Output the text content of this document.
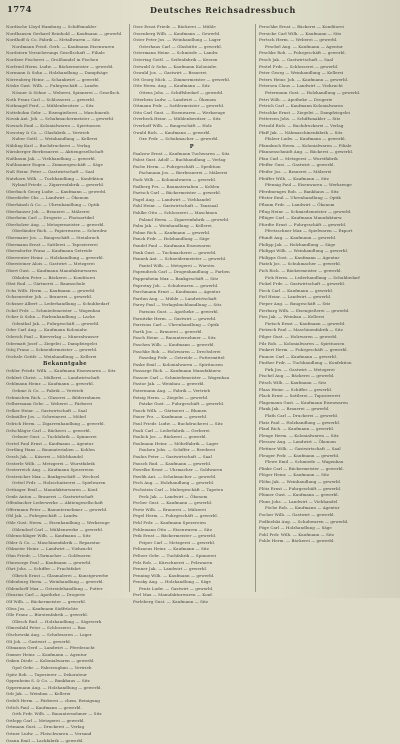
1774	Deutsches Reichsadressbuch
Nordische Lloyd Hamburg — Schiffsmakler
Nordhausen Gerhard Reinhold — Kaufmann — gewerbl.
Nordhoff & Co. Fabrik — Metallwaren — Sitz
Nordmann Fried. Gerh. — Kaufmann Eisenwaren
Nordstern Versicherungs Gesellschaft — Filiale
Nordsee Fischerei — Großhandel in Fischen
Norfried Herm. Ludw. — Bäckermeister — gewerbl.
Normann & Sohn — Holzhandlung — Dampfsäge
Nörrenberg Heinr. — Schankwirt — gewerbl.
Nöske Gust. Wilh. — Fuhrgeschäft — Landw.
Nösner & Söhne — Weberei, Spinnerei — Gesellsch.
Noth Franz Carl — Schlosserei — gewerbl.
Nothnagel Ferd. — Mühlenbesitzer — Sitz
Nottebohm Gebr. — Eisengießerei — Maschinenb.
Novak Ant. Joh. — Schuhmachermeister — gewerbl.
Nowack Emil — Kolonialwaren — Spirituosen
Nowotny & Co. — Glasfabrik — Vertrieb
Nuber Gottl. — Weinhandlung — Kellerei
Nübling Karl — Buchdruckerei — Verlag
Nürnberger Bierbrauerei — Aktiengesellschaft
Nußbaum Jak. — Viehhandlung — gewerbl.
Nußbaumer Eugen — Zimmergeschäft — Säge
Nuß Heinr. Peter — Gastwirtschaft — Saal
Nutzhorn Wilh. — Tuchhandlung — Konfektion
Nyland Friedr. — Zigarrenfabrik — gewerbl.
Oberbach Georg Ludw. — Kaufmann — gewerbl.
Oberdörfer Chr. — Landwirt — Ökonom
Oberhänsli & Co. — Uhrenhandlung — Optik
Oberhauser Joh. — Brauerei — Mälzerei
Oberheim Carl — Drogerie — Photoartikel
Oberholzer Aug. — Metzgermeister — gewerbl.
Oberländer Rich. — Papierwaren — Schreibw.
Obermaier Jos. — Baugeschäft — Steinbruch
Obermann Ernst — Sattlerei — Tapeziererei
Oberndorfer Franz — Kaufmann Getreide
Oberreuter Heinr. — Holzhandlung — gewerbl.
Obersteiner Alois — Gastwirt — Metzgerei
Obert Gust. — Kaufmann Manufakturwaren
Obladen Peter — Bäckerei — Konditorei
Obst Rud. — Gärtnerei — Baumschule
Ochs Wilh. Herm. — Kaufmann — gewerbl.
Ochsenreiter Joh. — Brauerei — gewerbl.
Ochsner Albert — Lederhandlung — Schuhbedarf
Ockel Frdr. — Schmiedemeister — Wagenbau
Ocker & Sohn — Farbenhandlung — Lacke
Odenthal Jak. — Fuhrgeschäft — gewerbl.
Oder Carl Aug. — Kaufmann Kolonialw.
Oderich Paul — Bierverlag — Mineralwasser
Odermatt Josef — Ziegelei — Dampfziegelei
Odoj Franz — Schneidermeister — gewerbl.
Oechsle Gottfr. — Weinhandlung — Kellerei
Bekanntgabe
Oehler Friedr. Wilh. — Kaufmann Eisenwaren — Sitz
Oehlert Christ. — Müllerei — Landwirtschaft
Oehlmann Heinr. — Kaufmann — gewerbl.
Oehme & Co. — Fabrik — Vertrieb
Oehmichen Rich. — Glaserei — Bilderrahmen
Oelbermann Gebr. — Weberei — Färberei
Oelker Heinr. — Gastwirtschaft — Saal
Oelmüller Jos. — Schreinerei — Möbel
Oelrich Herm. — Zigarrenhandlung — gewerbl.
Oelschläger Carl — Bäckerei — gewerbl.
Oelsner Gust. — Tuchfabrik — Spinnerei
Oertel Paul Ernst — Kaufmann — Agentur
Oertling Hans — Baumaterialien — Kohlen
Oesch Jak. — Käserei — Milchhandel
Oesterle Wilh. — Metzgerei — Wurstfabrik
Oesterreich Aug. — Kaufmann Spezereien
Oestreicher Max — Bankgeschäft — Wechsel
Oettel Frdr. — Holzschnitzerei — Spielwaren
Oettinger Emil — Manufakturwaren — Konf.
Oexle Anton — Brauerei — Gastwirtschaft
Offenbacher Lederwerke — Aktiengesellschaft
Offermann Peter — Bauunternehmer — gewerbl.
Ohl Jak. — Fuhrgeschäft — Landw.
Ohle Gust. Herm. — Eisenhandlung — Werkzeuge
Ohlendorf Carl — Mühlenwerke — gewerbl.
Ohlenschläger Wilh. — Kaufmann — Sitz
Ohler & Co. — Maschinenfabrik — Reparatur
Ohlmeier Heinr. — Landwirt — Viehzucht
Ohm Friedr. — Uhrmacher — Goldwaren
Ohnesorge Paul — Kaufmann — gewerbl.
Ohrt Johs. — Schiffer — Frachtfahrt
Olbrich Ernst — Glasmalerei — Kunstgewerbe
Oldenburg Herm. — Weinhandlung — gewerbl.
Oldendorff Max — Getreidehandlung — Futter
Olearius Carl — Apotheke — Drogerie
Olf Wilh. — Bäckermeister — gewerbl.
Oliva Jos. — Kaufmann Südfrüchte
Olle Franz — Bürstenfabrik — gewerbl.
Ollesch Rud. — Holzhandlung — Sägewerk
Olmesdahl Peter — Schlosserei — Bau
Olschewski Aug. — Schuhwaren — Lager
Olt Joh. — Gastwirt — gewerbl.
Oltmanns Gerd — Landwirt — Pferdezucht
Ommer Heinr. — Kaufmann — Agentur
Onken Diedr. — Kolonialwaren — gewerbl.
Opel Gebr. — Fahrzeugbau — Vertrieb
Opitz Rob. — Tapezierer — Dekorateur
Oppenheim S. & Co. — Bankhaus — Sitz
Oppermann Aug. — Holzhandlung — gewerbl.
Orb Jak. — Weinbau — Kellerei
Ordelt Herm. — Färberei — chem. Reinigung
Orlich Paul — Kaufmann — gewerbl.
Orth Frdr. Wilh. — Bauunternehmer — Sitz
Ortlepp Carl — Metzgerei — gewerbl.
Ortmann Gust. — Druckerei — Verlag
Ortner Ludw. — Fleischwaren — Versand
Osann Emil — Lackfabrik — gewerbl.
Osse Ernst Friedr. — Bäckerei — Mühle
Ossenberg Wilh. — Kaufmann — Gewerbl.
Oster Peter Jos. — Weinhandlung — Lager
Osterhaus Carl — Glashütte — gewerbl.
Ostermann Heinr. — Schmiede — Landw.
Ostertag Gottl. — Seifenfabrik — Kerzen
Ostwald & Sohn — Kaufmann Kolonialw.
Oswald Jos. — Gastwirt — Brauerei
Ott Georg Mich. — Zimmermeister — gewerbl.
Otte Herm. Aug. — Kaufmann — Sitz
Ottens Johs. — Schiffsbedarf — gewerbl.
Otterbein Ludw. — Landwirt — Ökonom
Ottmann Frdr. — Sattlermeister — gewerbl.
Otto Carl Gust. — Eisenwaren — Werkzeuge
Overbeck Heinr. — Mühlenbesitzer — Sitz
Overhoff Wilh. — Baugeschäft — Holz
Owald Rich. — Kaufmann — gewerbl.
Oxe Frdr. — Schuhmacher — gewerbl.
P
Paalzow Ernst — Kaufmann Tuchwaren — Sitz
Pabst Gust. Adolf — Buchhandlung — Verlag
Pache Herm. — Fuhrgeschäft — Spedition
Pachmann Jos. — Bierbrauerei — Mälzerei
Pack Wilh. — Kolonialwaren — gewerbl.
Padberg Frz. — Baumaterialien — Kohlen
Paetsch Carl — Bäckermeister — gewerbl.
Pagel Aug. — Landwirt — Viehhandel
Pahl Heinr. — Gastwirtschaft — Tanzsaal
Pahlke Otto — Schlosserei — Maschinen
Paland Herm. — Zigarrenfabrik — gewerbl.
Palm Jak. — Weinhandlung — Kellerei
Palme Rich. — Kaufmann — gewerbl.
Panck Frdr. — Holzhandlung — Säge
Pandel Paul — Kaufmann Eisenwaren
Pank Gust. — Tuchmacherei — gewerbl.
Pannek Ant. — Schneidermeister — gewerbl.
Pantel Wilh. — Metzgerei — Wurstw.
Papendieck Carl — Drogenhandlung — Farben
Pappenheim Max — Bankgeschäft — Sitz
Paprotny Joh. — Schuhwaren — gewerbl.
Parchmann Ernst — Kaufmann — Agentur
Pardun Aug. — Mühle — Landwirtschaft
Parey Paul — Verlagsbuchhandlung — Sitz
Parisius Gust. — Apotheke — gewerbl.
Parnitzke Herm. — Gastwirt — gewerbl.
Parrisius Carl — Uhrenhandlung — Optik
Parth Jos. — Brauerei — gewerbl.
Pasch Heinr. — Bauunternehmer — Sitz
Paschen Wilh. — Kaufmann — gewerbl.
Paschke Rob. — Holzwaren — Drechslerei
Pasedag Frdr. — Getreide — Futtermittel
Paske Emil — Kolonialwaren — Spirituosen
Passarge Rich. — Kaufmann Manufakturw.
Passow Carl — Schmiedemeister — Wagenbau
Pastor Jak. — Weinbau — gewerbl.
Patermann Aug. — Fabrik — Vertrieb
Patzig Herm. — Ziegelei — gewerbl.
Patzke Gust. — Fuhrgeschäft — gewerbl.
Pauck Wilh. — Gärtnerei — Blumen
Pauer Frz. — Kaufmann — gewerbl.
Paul Friedr. Ludw. — Buchdruckerei — Sitz
Pauli Carl — Lederfabrik — Gerberei
Paulick Jos. — Bäckerei — gewerbl.
Paulmann Heinr. — Möbelfabrik — Lager
Paulsen Johs. — Schiffer — Reederei
Paulus Peter — Gastwirtschaft — Saal
Pausch Rud. — Kaufmann — gewerbl.
Pawelke Ernst — Uhrmacher — Goldwaren
Pawlik Ant. — Schuhmacher — gewerbl.
Pech Aug. — Holzhandlung — gewerbl.
Pechstein Carl — Malergeschäft — Tapeten
Peck Jak. — Landwirt — Ökonom
Pecher Gust. — Kaufmann — gewerbl.
Peetz Wilh. — Brauerei — Mälzerei
Pegel Herm. — Fuhrgeschäft — gewerbl.
Pehl Frdr. — Kaufmann Spezereien
Pehlemann Otto — Eisenwaren — Sitz
Peik Ernst — Bäckermeister — gewerbl.
Peiper Carl — Metzgerei — gewerbl.
Pelizaeus Heinr. — Kaufmann — Sitz
Peltzer Gebr. — Tuchfabrik — Spinnerei
Pelz Rob. — Kürschnerei — Pelzwaren
Penner Jak. — Landwirt — gewerbl.
Penning Wilh. — Kaufmann — gewerbl.
Pensky Aug. — Holzhandlung — Säge
Pentz Ludw. — Gastwirt — gewerbl.
Perl Max — Manufakturwaren — Konf.
Perleberg Gust. — Kaufmann — Sitz
Perschke Ernst — Bäckerei — Konditorei
Persicke Carl Wilh. — Kaufmann — Sitz
Pertsch Herm. — Weberei — gewerbl.
Peschel Aug. — Kaufmann — Agentur
Peschke Rob. — Fuhrgeschäft — gewerbl.
Pesch Jak. — Gastwirtschaft — Saal
Pestel Frdr. — Schlosserei — gewerbl.
Peter Georg — Weinhandlung — Kellerei
Peters Heinr. Joh. — Kaufmann — gewerbl.
Petersen Claus — Landwirt — Viehzucht
Petermann Gust. — Holzhandlung — gewerbl.
Petri Wilh. — Apotheke — Drogerie
Petrich Carl — Kaufmann Kolonialwaren
Petschke Ernst — Ziegelei — Dampfziegelei
Pettersen Johs. — Schiffsmakler — Sitz
Petzold Rich. — Buchdruckerei — Verlag
Pfaff Jak. — Nähmaschinenfabrik — Sitz
Pfalzer Ludw. — Kaufmann — gewerbl.
Pfannkuch Herm. — Kolonialwaren — Filiale
Pfannenschmidt Aug. — Bäckerei — gewerbl.
Pfau Carl — Metzgerei — Wurstfabrik
Pfeffer Gust. — Gastwirt — gewerbl.
Pfeifer Jos. — Brauerei — Mälzerei
Pfeiffer Wilh. — Kaufmann — Sitz
Pfennig Paul — Eisenwaren — Werkzeuge
Pferdmenges Rob. — Bankhaus — Sitz
Pfister Emil — Uhrenhandlung — Optik
Pflaum Frdr. — Landwirt — Ökonom
Pflug Heinr. — Schmiedemeister — gewerbl.
Pflüger Carl — Kaufmann Manufakturw.
Pfordte Ernst — Fuhrgeschäft — gewerbl.
Pfretzschner Max — Spielwaren — Export
Pfundt Aug. — Kaufmann — gewerbl.
Philipp Jak. — Holzhandlung — Säge
Philippi Wilh. — Weinhandlung — gewerbl.
Philipps Gust. — Kaufmann — Agentur
Piatek Jos. — Schuhmacher — gewerbl.
Pich Rich. — Bäckermeister — gewerbl.
Pick Herm. — Lederhandlung — Schuhbedarf
Pickel Frdr. — Gastwirtschaft — gewerbl.
Pieck Carl — Kaufmann — gewerbl.
Piel Heinr. — Landwirt — gewerbl.
Pieper Aug. — Baugeschäft — Sitz
Pierburg Wilh. — Eisengießerei — gewerbl.
Pies Jak. — Weinbau — Kellerei
Pietsch Ernst — Kaufmann — gewerbl.
Pietzsch Paul — Maschinenfabrik — Sitz
Pilger Gust. — Holzwaren — gewerbl.
Pilz Rob. — Kolonialwaren — Spirituosen
Pinkert Herm. — Fuhrgeschäft — gewerbl.
Pinnow Carl — Kaufmann — gewerbl.
Pinther Frdr. — Tuchhandlung — Konfektion
Pirk Jos. — Gastwirt — Metzgerei
Pischel Aug. — Bäckerei — gewerbl.
Pitsch Wilh. — Kaufmann — Sitz
Plaas Heinr. — Schiffer — gewerbl.
Plack Ernst — Sattlerei — Tapeziererei
Plagemann Gust. — Kaufmann Eisenwaren
Plank Jak. — Brauerei — gewerbl.
Plath Carl — Druckerei — gewerbl.
Platz Paul — Holzhandlung — gewerbl.
Plaul Rich. — Kaufmann — gewerbl.
Plenge Herm. — Kolonialwaren — Sitz
Plessow Aug. — Landwirt — Ökonom
Plettner Wilh. — Gastwirtschaft — Saal
Pleuger Frdr. — Kaufmann — gewerbl.
Plewe Emil — Schmiede — Wagenbau
Plinke Carl — Bäckermeister — gewerbl.
Plöger Heinr. — Kaufmann — Sitz
Plöhn Jak. — Weinhandlung — gewerbl.
Plötz Ernst — Fuhrgeschäft — gewerbl.
Plümer Gust. — Kaufmann — gewerbl.
Pluns Johs. — Landwirt — Viehhandel
Pöche Rob. — Kaufmann — Agentur
Pocher Wilh. — Gastwirt — gewerbl.
Podbielski Aug. — Schuhwaren — gewerbl.
Pöge Carl — Holzhandlung — Säge
Pohl Frdr. Wilh. — Kaufmann — Sitz
Pohle Herm. — Bäckerei — gewerbl.
